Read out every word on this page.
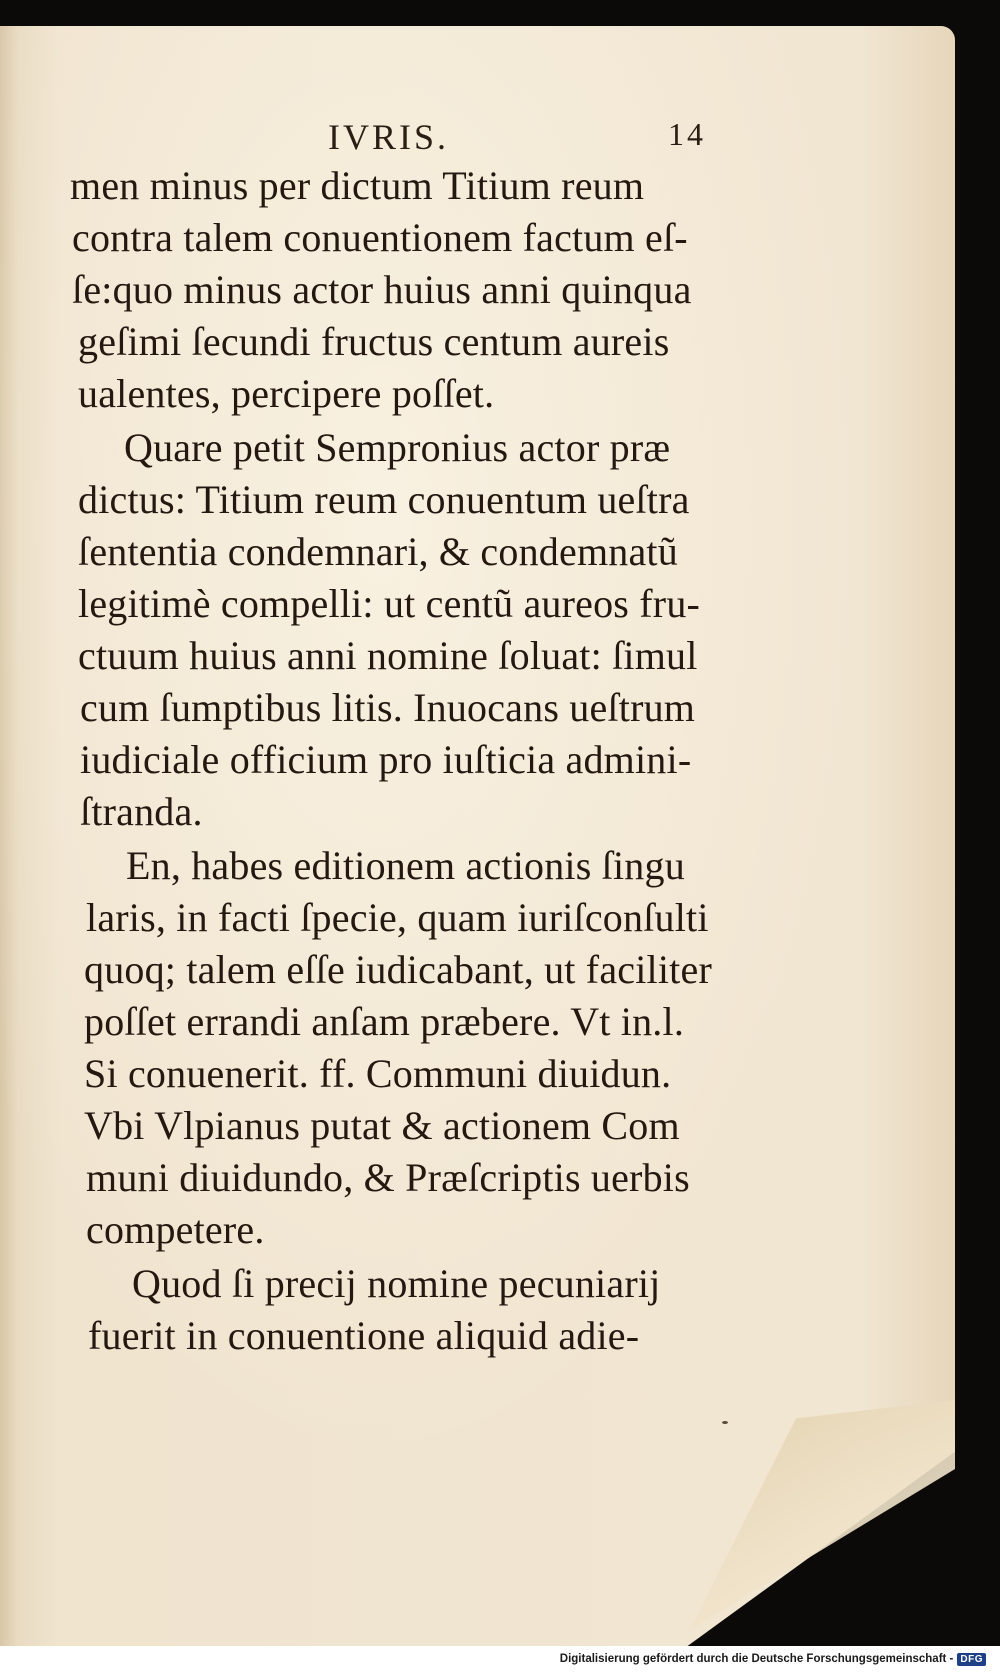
IVRIS.	14
men minus per dictum Titium reum
contra talem conuentionem factum eſ-
ſe:quo minus actor huius anni quinqua
geſimi ſecundi fructus centum aureis
ualentes, percipere poſſet.
Quare petit Sempronius actor præ
dictus: Titium reum conuentum ueſtra
ſententia condemnari, & condemnatũ
legitimè compelli: ut centũ aureos fru-
ctuum huius anni nomine ſoluat: ſimul
cum ſumptibus litis. Inuocans ueſtrum
iudiciale officium pro iuſticia admini-
ſtranda.
En, habes editionem actionis ſingu
laris, in facti ſpecie, quam iuriſconſulti
quoq; talem eſſe iudicabant, ut faciliter
poſſet errandi anſam præbere. Vt in.l.
Si conuenerit. ff. Communi diuidun.
Vbi Vlpianus putat & actionem Com
muni diuidundo, & Præſcriptis uerbis
competere.
Quod ſi precij nomine pecuniarij
fuerit in conuentione aliquid adie-
Digitalisierung gefördert durch die Deutsche Forschungsgemeinschaft - DFG
